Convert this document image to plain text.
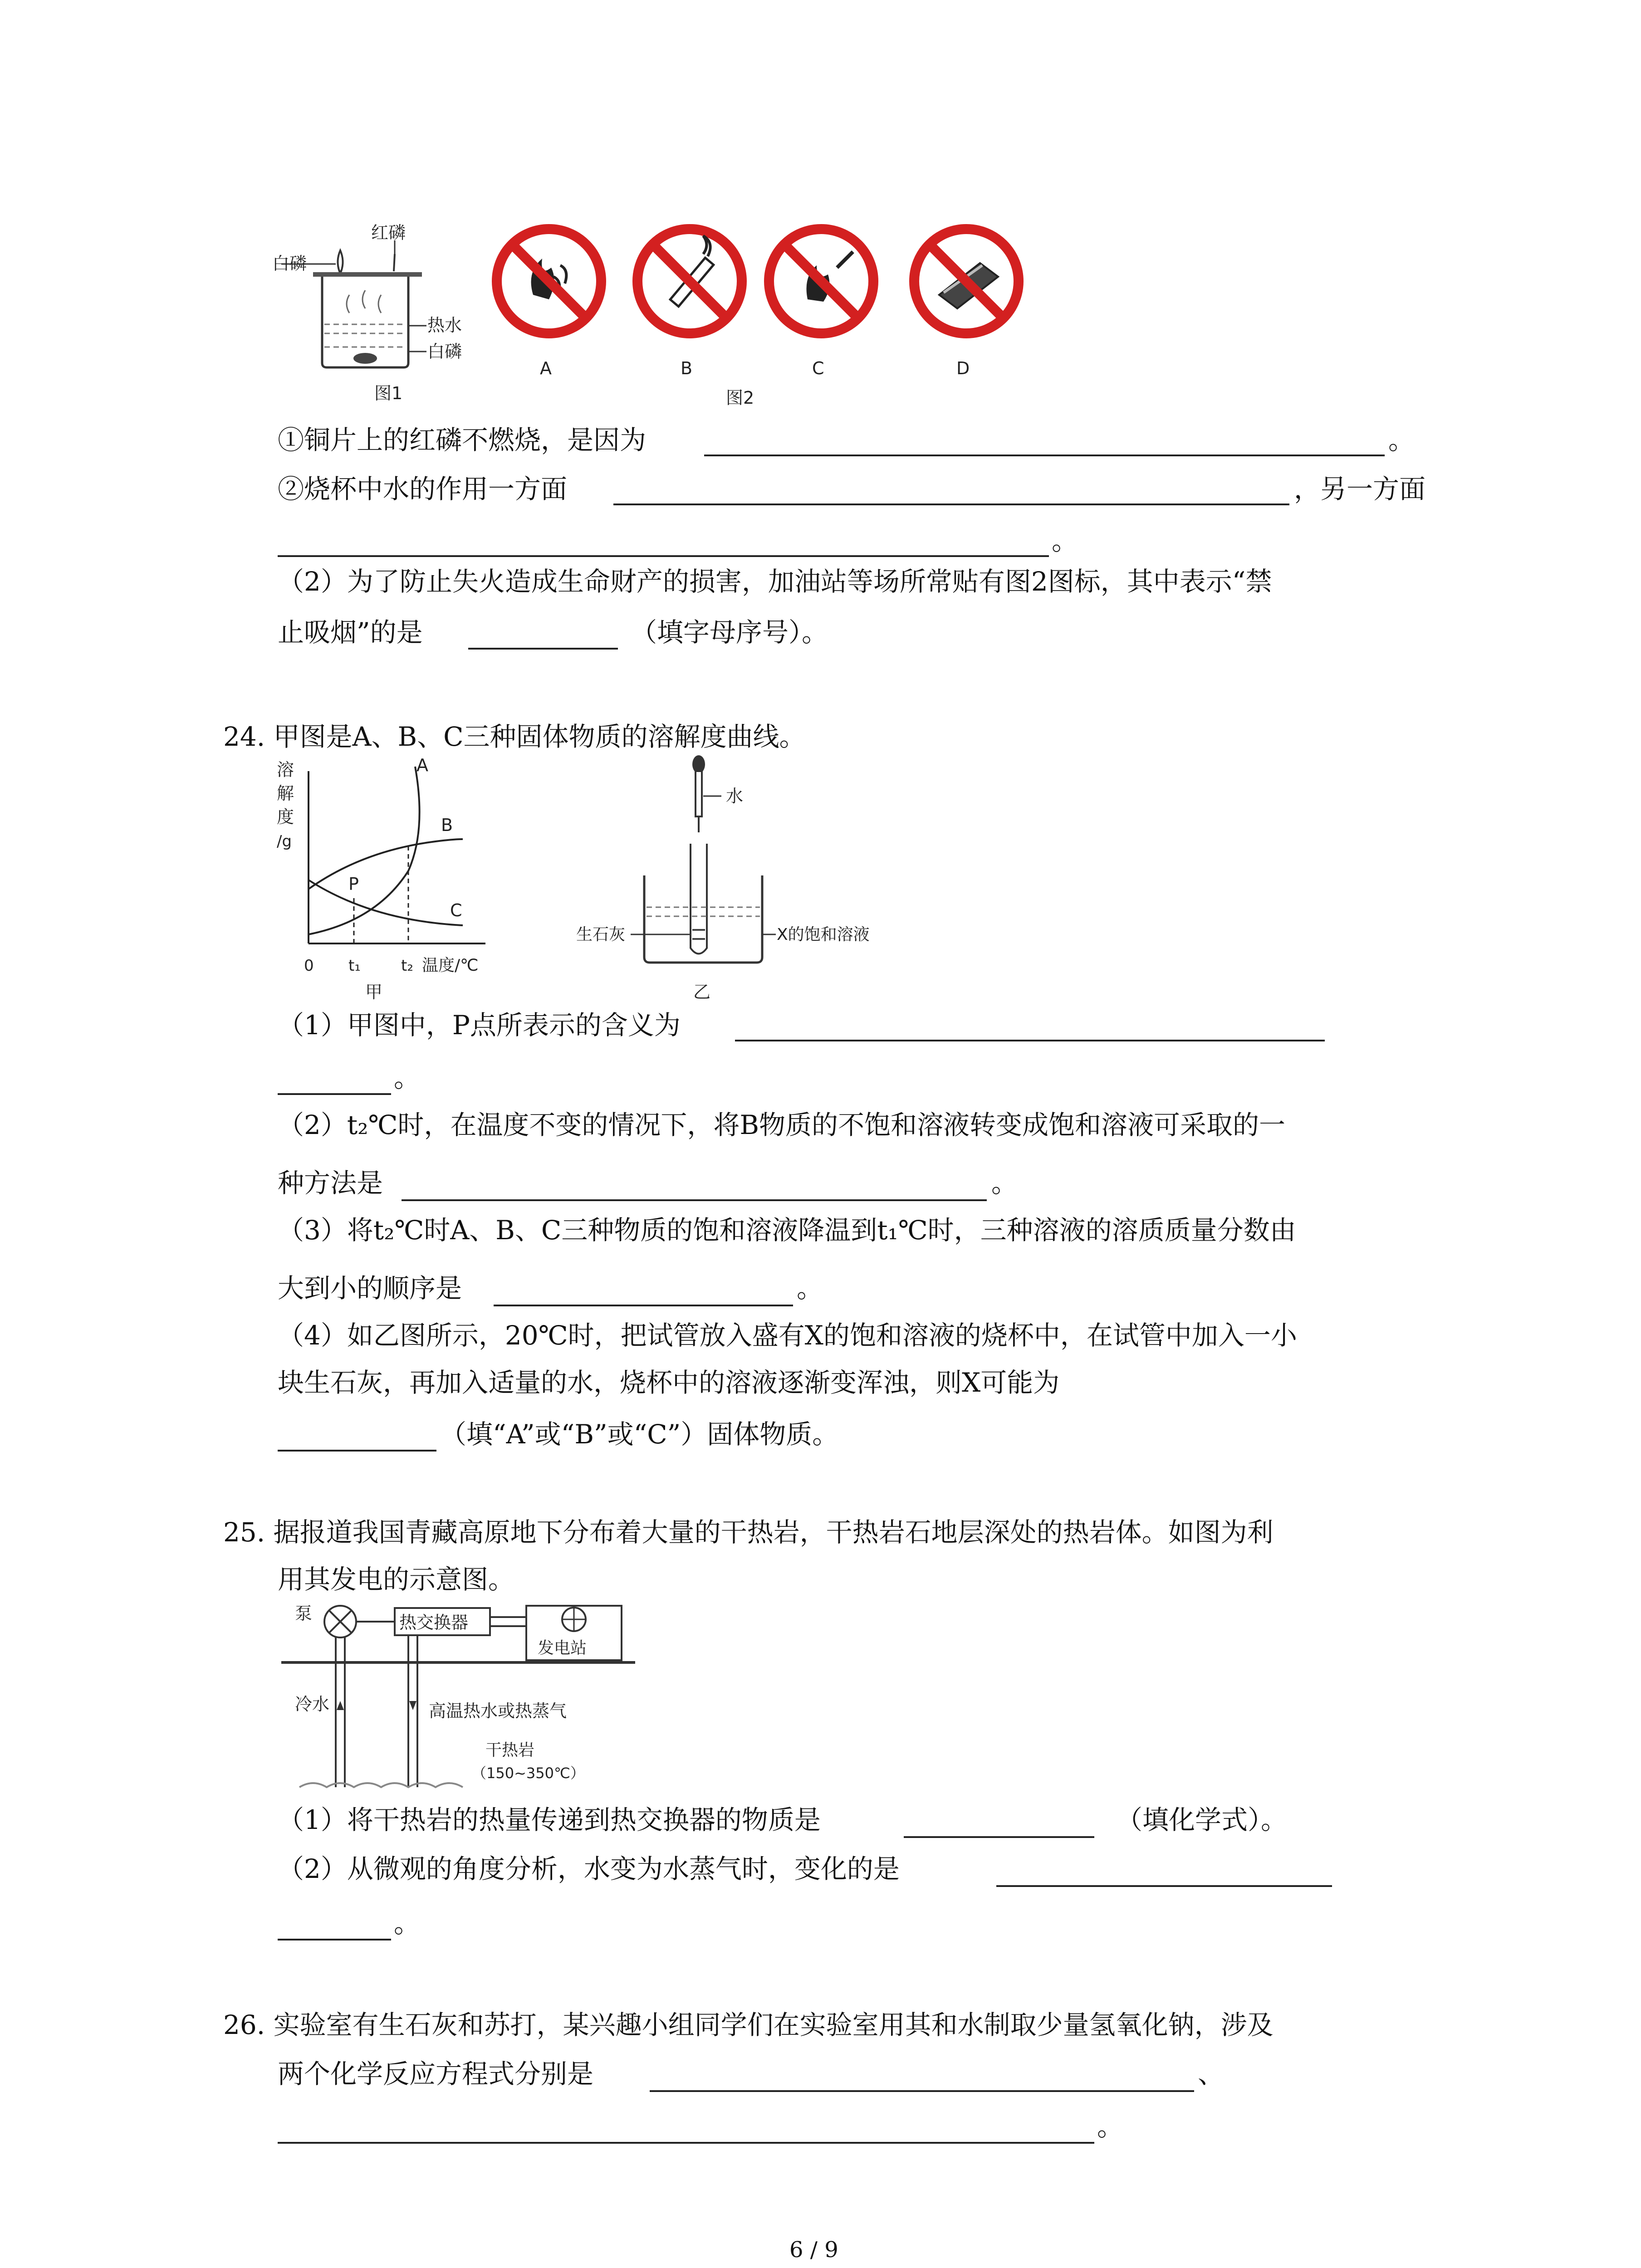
红磷
白磷
热水
白磷
图1
A	B	C	D
图2
①铜片上的红磷不燃烧，是因为	。
②烧杯中水的作用一方面	，另一方面
。
（2）为了防止失火造成生命财产的损害，加油站等场所常贴有图2图标，其中表示“禁
止吸烟”的是	（填字母序号）。
24. 甲图是A、B、C三种固体物质的溶解度曲线。
溶
解
度
/g
A
B
C
P
0 t₁	t₂ 温度/℃
甲
水
生石灰	X的饱和溶液
乙
（1）甲图中，P点所表示的含义为
。
（2）t₂℃时，在温度不变的情况下，将B物质的不饱和溶液转变成饱和溶液可采取的一
种方法是	。
（3）将t₂℃时A、B、C三种物质的饱和溶液降温到t₁℃时，三种溶液的溶质质量分数由
大到小的顺序是	。
（4）如乙图所示，20℃时，把试管放入盛有X的饱和溶液的烧杯中，在试管中加入一小
块生石灰，再加入适量的水，烧杯中的溶液逐渐变浑浊，则X可能为
（填“A”或“B”或“C”）固体物质。
25. 据报道我国青藏高原地下分布着大量的干热岩，干热岩石地层深处的热岩体。如图为利
用其发电的示意图。
泵	热交换器
发电站
冷水	高温热水或热蒸气
干热岩
（150~350℃）
（1）将干热岩的热量传递到热交换器的物质是	（填化学式）。
（2）从微观的角度分析，水变为水蒸气时，变化的是
。
26. 实验室有生石灰和苏打，某兴趣小组同学们在实验室用其和水制取少量氢氧化钠，涉及
两个化学反应方程式分别是	、
。
6 / 9
